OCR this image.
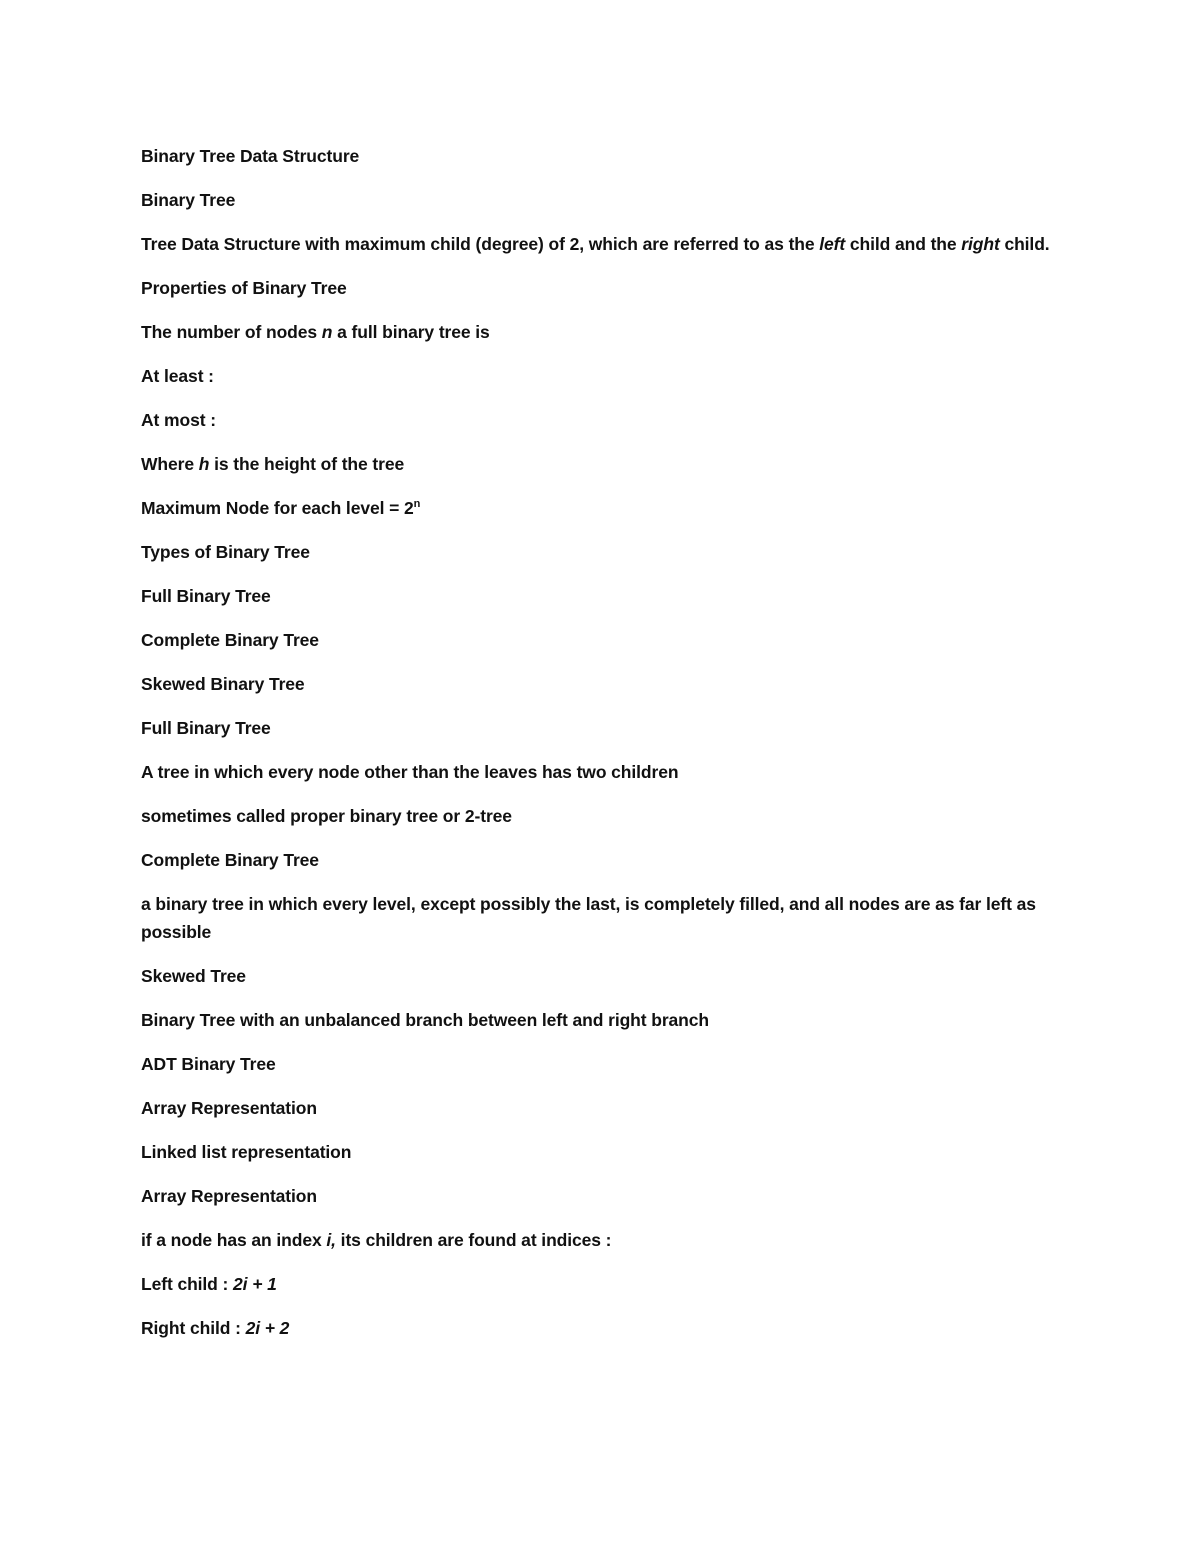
Binary Tree Data Structure

Binary Tree

Tree Data Structure with maximum child (degree) of 2, which are referred to as the left child and the right child.

Properties of Binary Tree

The number of nodes n a full binary tree is

At least :

At most :

Where h is the height of the tree

Maximum Node for each level = $2^n$

Types of Binary Tree

Full Binary Tree

Complete Binary Tree

Skewed Binary Tree

Full Binary Tree

A tree in which every node other than the leaves has two children

sometimes called proper binary tree or 2-tree

Complete Binary Tree

a binary tree in which every level, except possibly the last, is completely filled, and all nodes are as far left as possible

Skewed Tree

Binary Tree with an unbalanced branch between left and right branch

ADT Binary Tree

Array Representation

Linked list representation

Array Representation

if a node has an index i, its children are found at indices :

Left child : 2i + 1

Right child : 2i + 2
